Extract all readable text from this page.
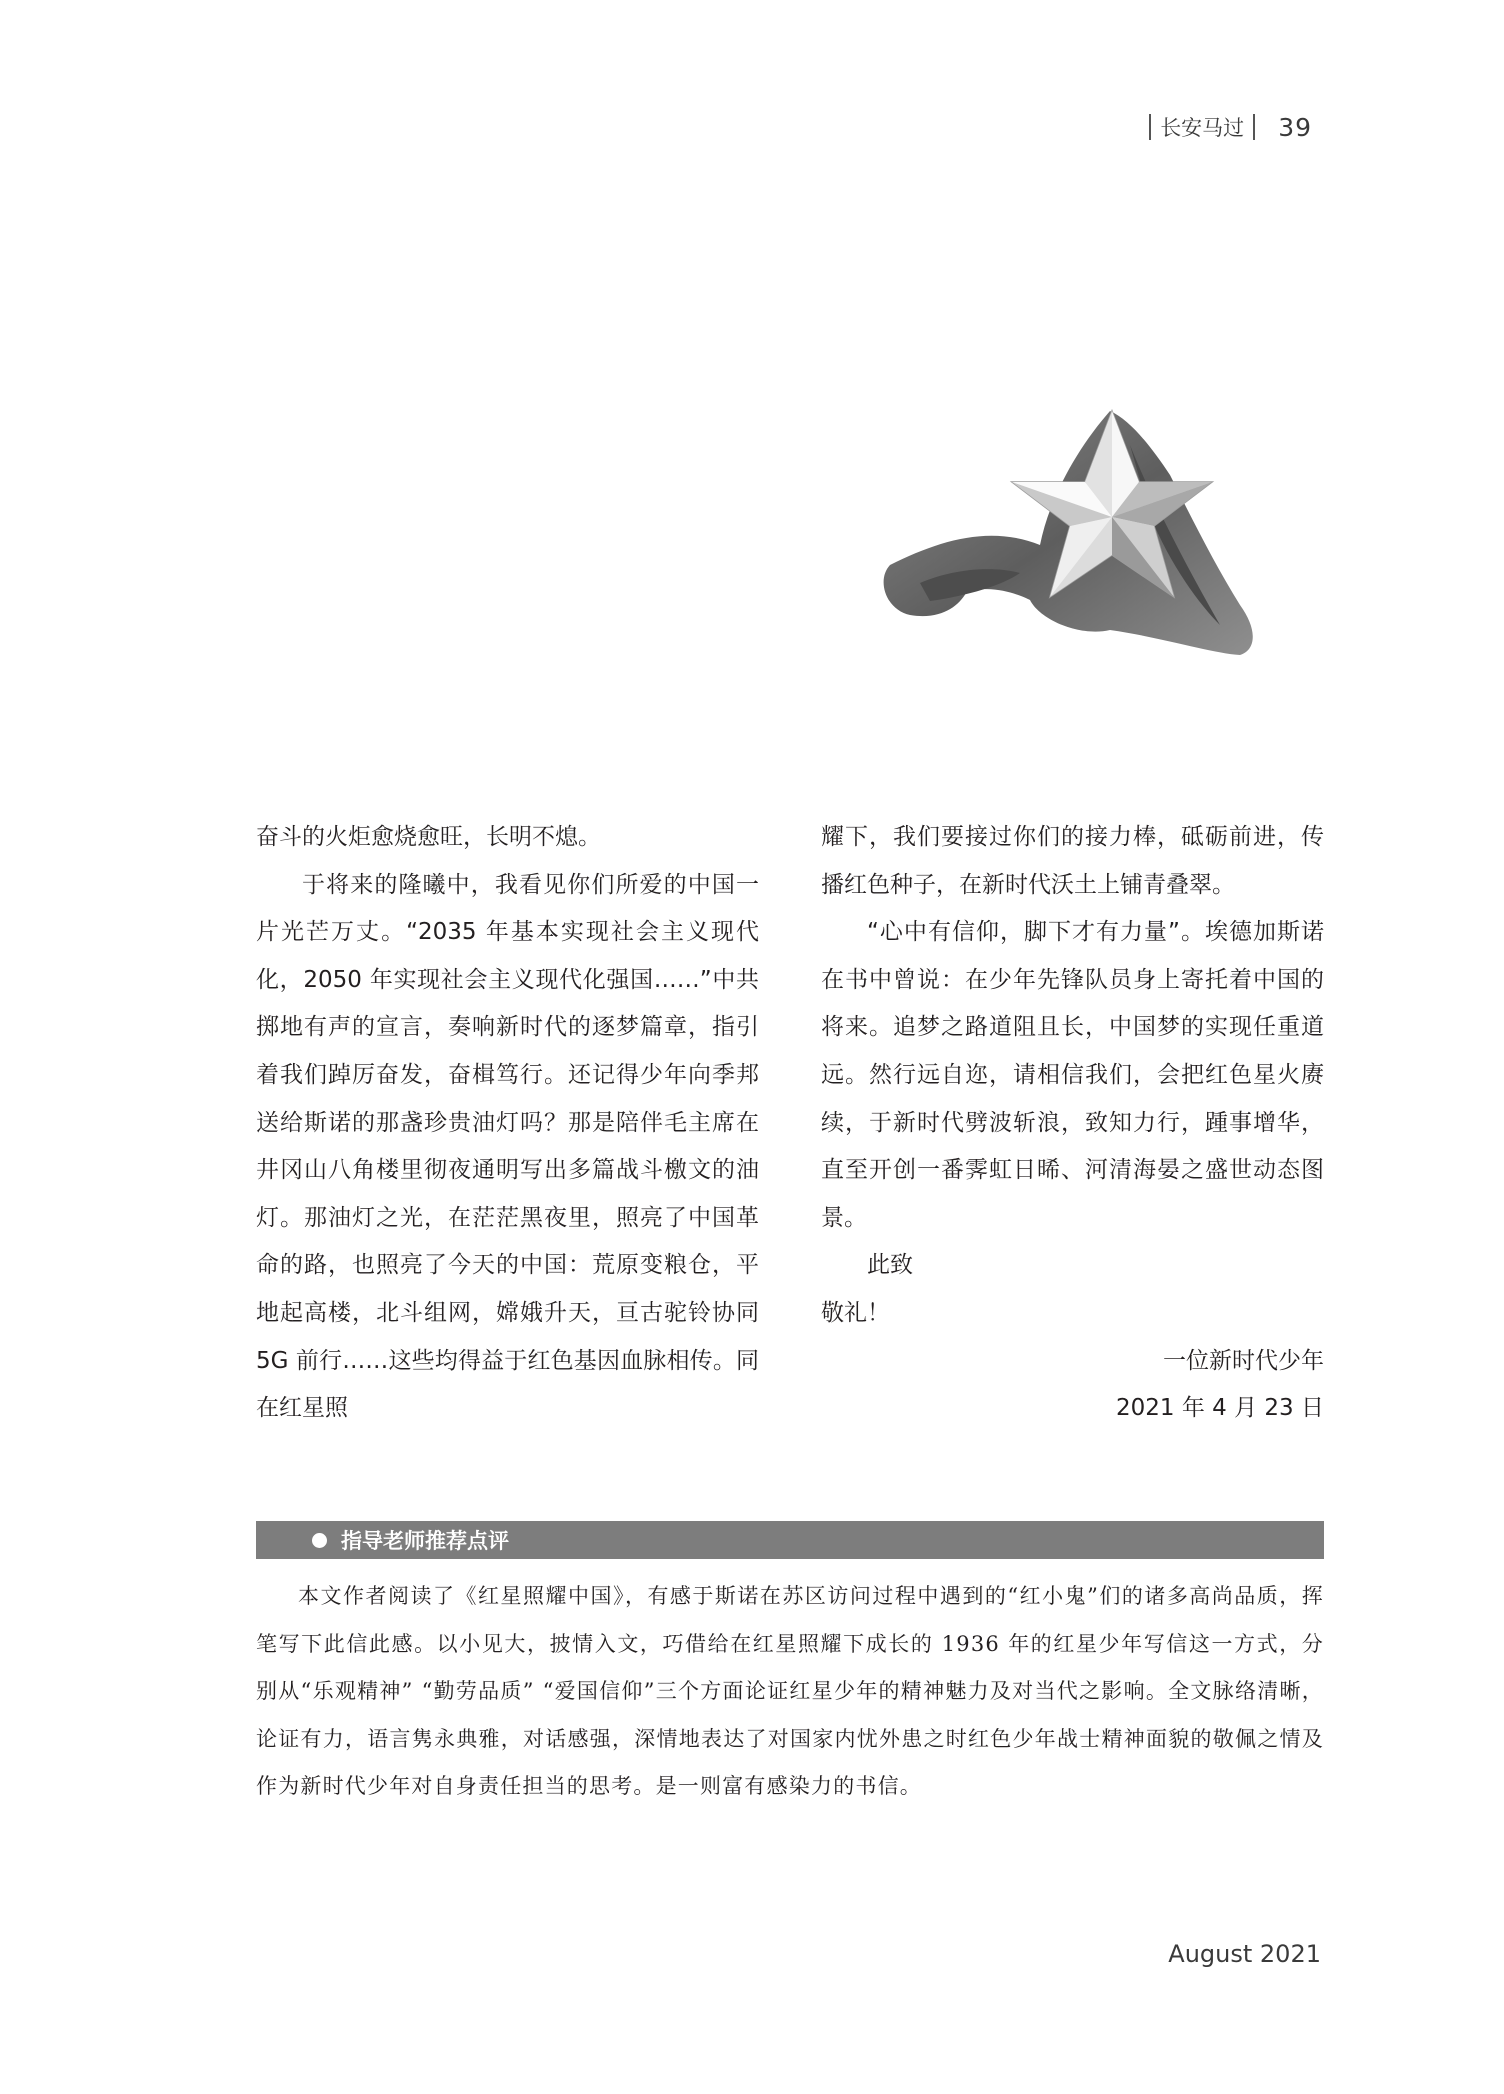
长安马过 39

奋斗的火炬愈烧愈旺，长明不熄。

于将来的隆曦中，我看见你们所爱的中国一片光芒万丈。“2035 年基本实现社会主义现代化，2050 年实现社会主义现代化强国……”中共掷地有声的宣言，奏响新时代的逐梦篇章，指引着我们踔厉奋发，奋楫笃行。还记得少年向季邦送给斯诺的那盏珍贵油灯吗？那是陪伴毛主席在井冈山八角楼里彻夜通明写出多篇战斗檄文的油灯。那油灯之光，在茫茫黑夜里，照亮了中国革命的路，也照亮了今天的中国：荒原变粮仓，平地起高楼，北斗组网，嫦娥升天，亘古驼铃协同 5G 前行……这些均得益于红色基因血脉相传。同在红星照

耀下，我们要接过你们的接力棒，砥砺前进，传播红色种子，在新时代沃土上铺青叠翠。

“心中有信仰，脚下才有力量”。埃德加斯诺在书中曾说：在少年先锋队员身上寄托着中国的将来。追梦之路道阻且长，中国梦的实现任重道远。然行远自迩，请相信我们，会把红色星火赓续，于新时代劈波斩浪，致知力行，踵事增华，直至开创一番霁虹日晞、河清海晏之盛世动态图景。

此致

敬礼！

一位新时代少年

2021 年 4 月 23 日

指导老师推荐点评

本文作者阅读了《红星照耀中国》，有感于斯诺在苏区访问过程中遇到的“红小鬼”们的诸多高尚品质，挥笔写下此信此感。以小见大，披情入文，巧借给在红星照耀下成长的 1936 年的红星少年写信这一方式，分别从“乐观精神” “勤劳品质” “爱国信仰”三个方面论证红星少年的精神魅力及对当代之影响。全文脉络清晰，论证有力，语言隽永典雅，对话感强，深情地表达了对国家内忧外患之时红色少年战士精神面貌的敬佩之情及作为新时代少年对自身责任担当的思考。是一则富有感染力的书信。

August 2021
